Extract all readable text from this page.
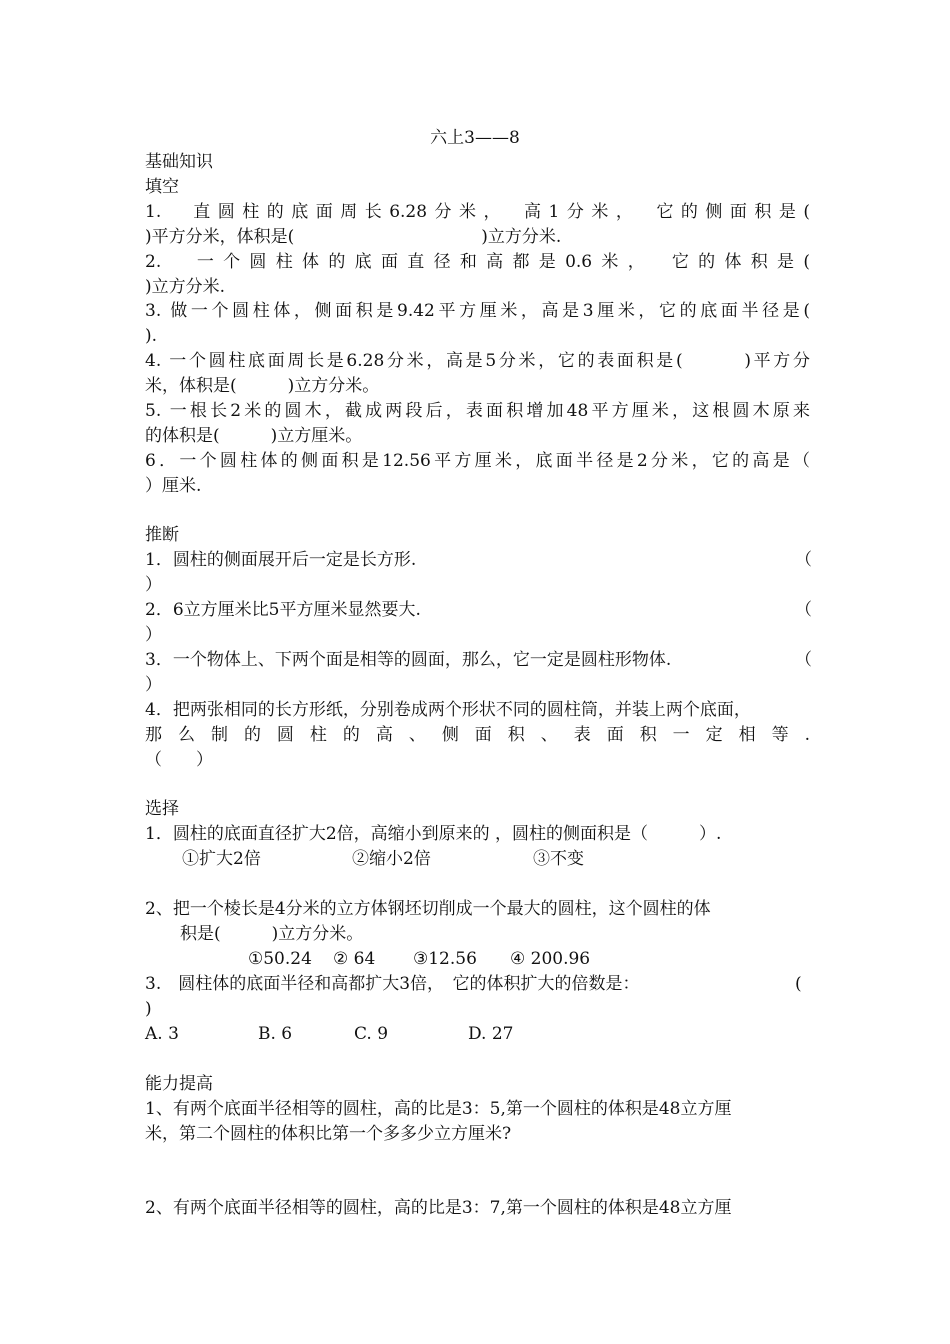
六上3——8
基础知识
填空
1.　直圆柱的底面周长6.28分米，　高1分米，　它的侧面积是(
)平方分米，体积是(　　　　　　　　　　　)立方分米.
2.　一个圆柱体的底面直径和高都是0.6米，　它的体积是(
)立方分米.
3. 做一个圆柱体，侧面积是9.42平方厘米，高是3厘米，它的底面半径是(
).
4. 一个圆柱底面周长是6.28分米，高是5分米，它的表面积是(　　　)平方分
米，体积是(　　　)立方分米。
5. 一根长2米的圆木，截成两段后，表面积增加48平方厘米，这根圆木原来
的体积是(　　　)立方厘米。
6．一个圆柱体的侧面积是12.56平方厘米，底面半径是2分米，它的高是（
）厘米.
推断
1．圆柱的侧面展开后一定是长方形.	（
）
2．6立方厘米比5平方厘米显然要大.	（
）
3．一个物体上、下两个面是相等的圆面，那么，它一定是圆柱形物体.	（
）
4．把两张相同的长方形纸，分别卷成两个形状不同的圆柱筒，并装上两个底面，
那么制的圆柱的高、侧面积、表面积一定相等.
（　　）
选择
1．圆柱的底面直径扩大2倍，高缩小到原来的 ，圆柱的侧面积是（　　　）.
①扩大2倍	②缩小2倍	③不变
2、把一个棱长是4分米的立方体钢坯切削成一个最大的圆柱，这个圆柱的体
积是(　　　)立方分米。
①50.24 ② 64 ③12.56 ④ 200.96
3.　圆柱体的底面半径和高都扩大3倍，　它的体积扩大的倍数是：	(
)
A. 3	B. 6	C. 9	D. 27
能力提高
1、有两个底面半径相等的圆柱，高的比是3：5,第一个圆柱的体积是48立方厘
米，第二个圆柱的体积比第一个多多少立方厘米?
2、有两个底面半径相等的圆柱，高的比是3：7,第一个圆柱的体积是48立方厘
